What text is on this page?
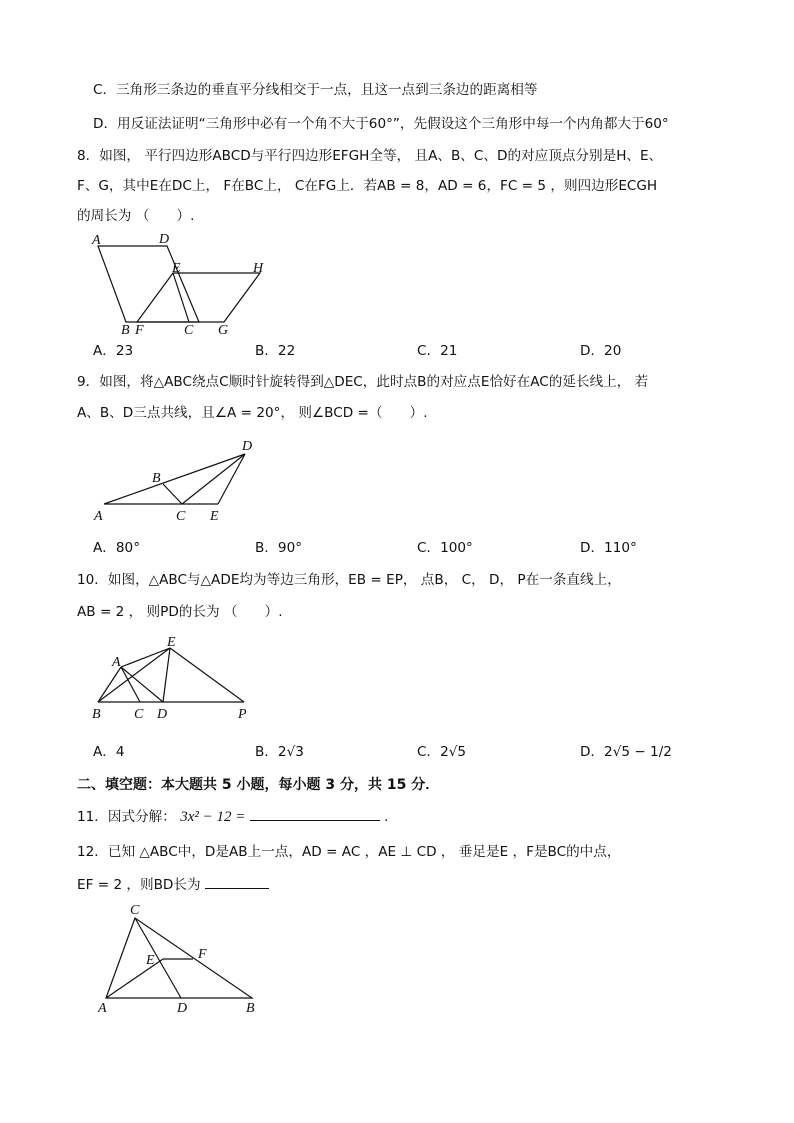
C．三角形三条边的垂直平分线相交于一点，且这一点到三条边的距离相等
D．用反证法证明“三角形中必有一个角不大于60°”，先假设这个三角形中每一个内角都大于60°
8．如图， 平行四边形ABCD与平行四边形EFGH全等， 且A、B、C、D的对应顶点分别是H、E、
F、G，其中E在DC上， F在BC上， C在FG上．若AB = 8，AD = 6，FC = 5 ，则四边形ECGH
的周长为 （　　）.
A	D
E	H
B F	C G
A．23	B．22	C．21	D．20
9．如图，将△ABC绕点C顺时针旋转得到△DEC，此时点B的对应点E恰好在AC的延长线上， 若
A、B、D三点共线，且∠A = 20°， 则∠BCD =（　　）.
A
B
C
D
E
A．80°	B．90°	C．100°	D．110°
10．如图，△ABC与△ADE均为等边三角形，EB = EP， 点B， C， D， P在一条直线上，
AB = 2 ， 则PD的长为 （　　）.
A
E
B C D	P
A．4	B．2√3	C．2√5	D．2√5 − 1/2
二、填空题：本大题共 5 小题，每小题 3 分，共 15 分．
11．因式分解： 3x² − 12 =	.
12．已知 △ABC中，D是AB上一点，AD = AC ，AE ⊥ CD ， 垂足是E ，F是BC的中点，
EF = 2 ，则BD长为
C
E	F
A	D	B
